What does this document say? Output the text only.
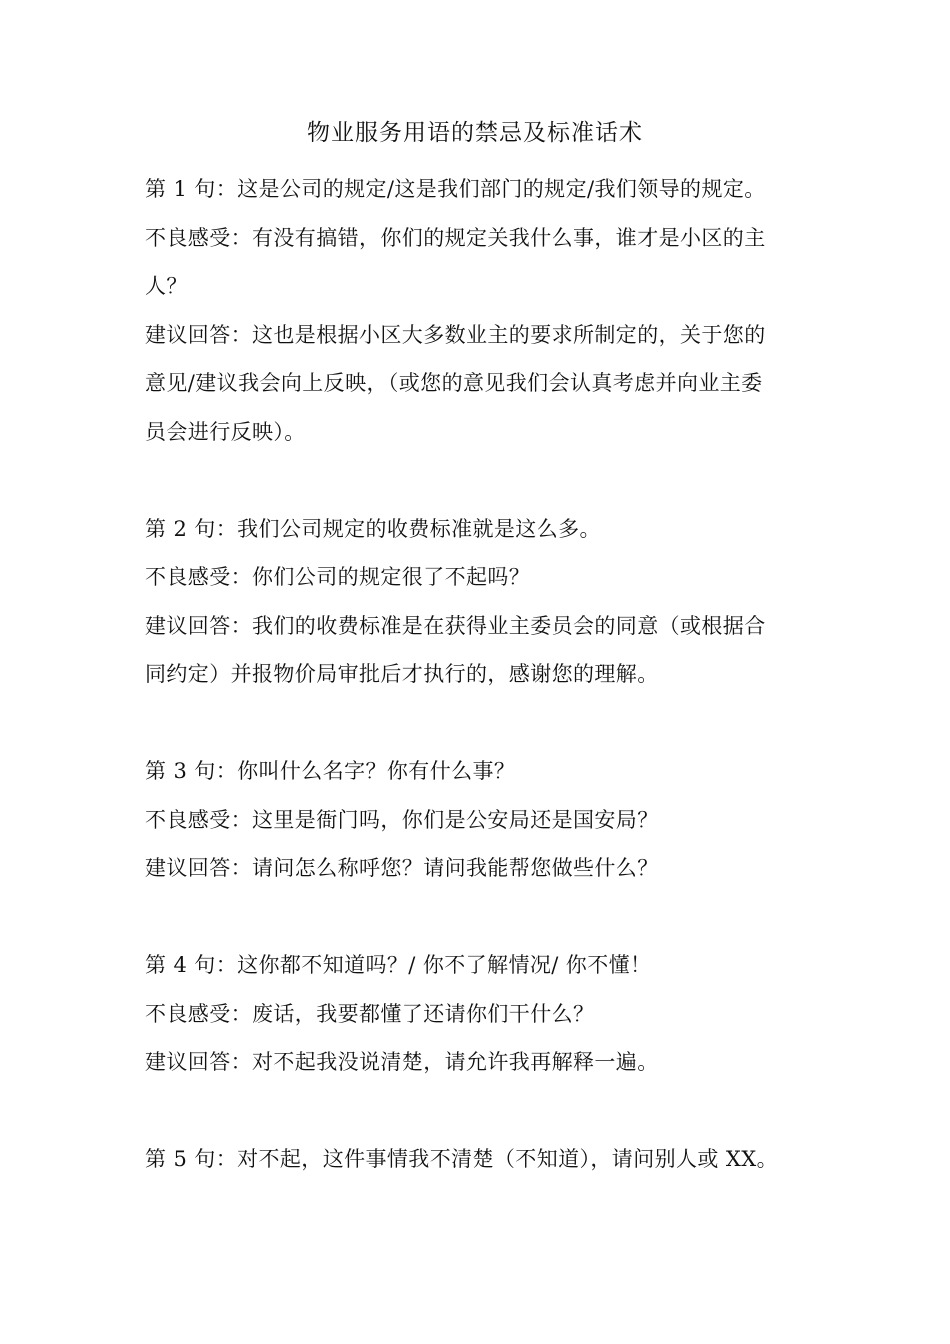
物业服务用语的禁忌及标准话术
第 1 句：这是公司的规定/这是我们部门的规定/我们领导的规定。
不良感受：有没有搞错，你们的规定关我什么事，谁才是小区的主
人？
建议回答：这也是根据小区大多数业主的要求所制定的，关于您的
意见/建议我会向上反映，（或您的意见我们会认真考虑并向业主委
员会进行反映）。
第 2 句：我们公司规定的收费标准就是这么多。
不良感受：你们公司的规定很了不起吗？
建议回答：我们的收费标准是在获得业主委员会的同意（或根据合
同约定）并报物价局审批后才执行的，感谢您的理解。
第 3 句：你叫什么名字？你有什么事？
不良感受：这里是衙门吗，你们是公安局还是国安局？
建议回答：请问怎么称呼您？请问我能帮您做些什么？
第 4 句：这你都不知道吗？/ 你不了解情况/ 你不懂！
不良感受：废话，我要都懂了还请你们干什么？
建议回答：对不起我没说清楚，请允许我再解释一遍。
第 5 句：对不起，这件事情我不清楚（不知道），请问别人或 XX。
